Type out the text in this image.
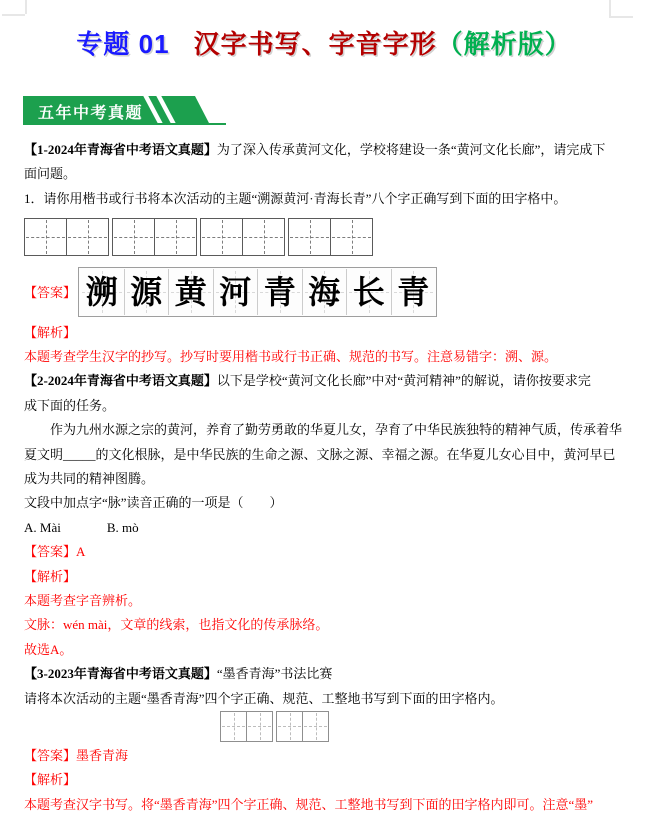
专题 01 汉字书写、字音字形（解析版）
五年中考真题
【1-2024年青海省中考语文真题】为了深入传承黄河文化，学校将建设一条“黄河文化长廊”，请完成下
面问题。
1．请你用楷书或行书将本次活动的主题“溯源黄河·青海长青”八个字正确写到下面的田字格中。
【答案】 溯 源 黄 河 青 海 长 青
【解析】
本题考查学生汉字的抄写。抄写时要用楷书或行书正确、规范的书写。注意易错字：溯、源。
【2-2024年青海省中考语文真题】以下是学校“黄河文化长廊”中对“黄河精神”的解说，请你按要求完
成下面的任务。
作为九州水源之宗的黄河，养育了勤劳勇敢的华夏儿女，孕育了中华民族独特的精神气质，传承着华
夏文明_____的文化根脉，是中华民族的生命之源、文脉之源、幸福之源。在华夏儿女心目中，黄河早已
成为共同的精神图腾。
文段中加点字“脉”读音正确的一项是（　　）
A. Mài	B. mò
【答案】A
【解析】
本题考查字音辨析。
文脉：wén mài，文章的线索，也指文化的传承脉络。
故选A。
【3-2023年青海省中考语文真题】“墨香青海”书法比赛
请将本次活动的主题“墨香青海”四个字正确、规范、工整地书写到下面的田字格内。
【答案】墨香青海
【解析】
本题考查汉字书写。将“墨香青海”四个字正确、规范、工整地书写到下面的田字格内即可。注意“墨”
